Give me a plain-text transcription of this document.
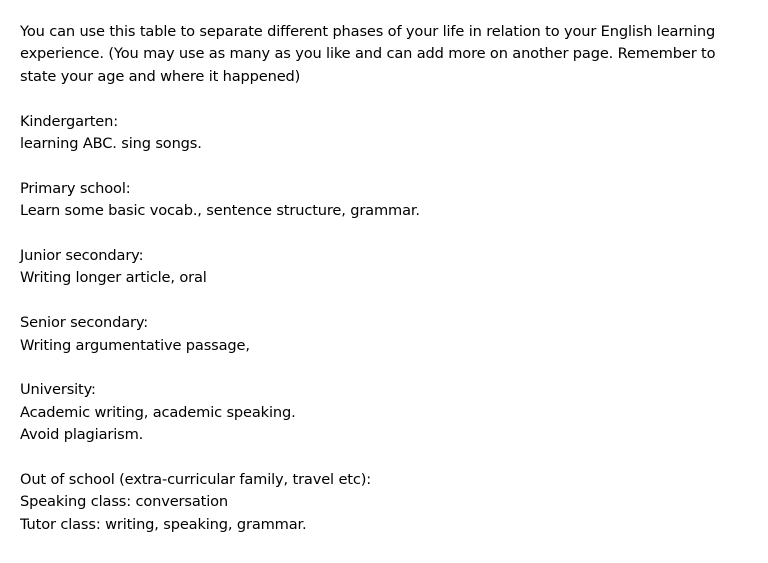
You can use this table to separate different phases of your life in relation to your English learning

experience. (You may use as many as you like and can add more on another page. Remember to

state your age and where it happened)

Kindergarten:

learning ABC. sing songs.

Primary school:

Learn some basic vocab., sentence structure, grammar.

Junior secondary:

Writing longer article, oral

Senior secondary:

Writing argumentative passage,

University:

Academic writing, academic speaking.

Avoid plagiarism.

Out of school (extra-curricular family, travel etc):

Speaking class: conversation

Tutor class: writing, speaking, grammar.
